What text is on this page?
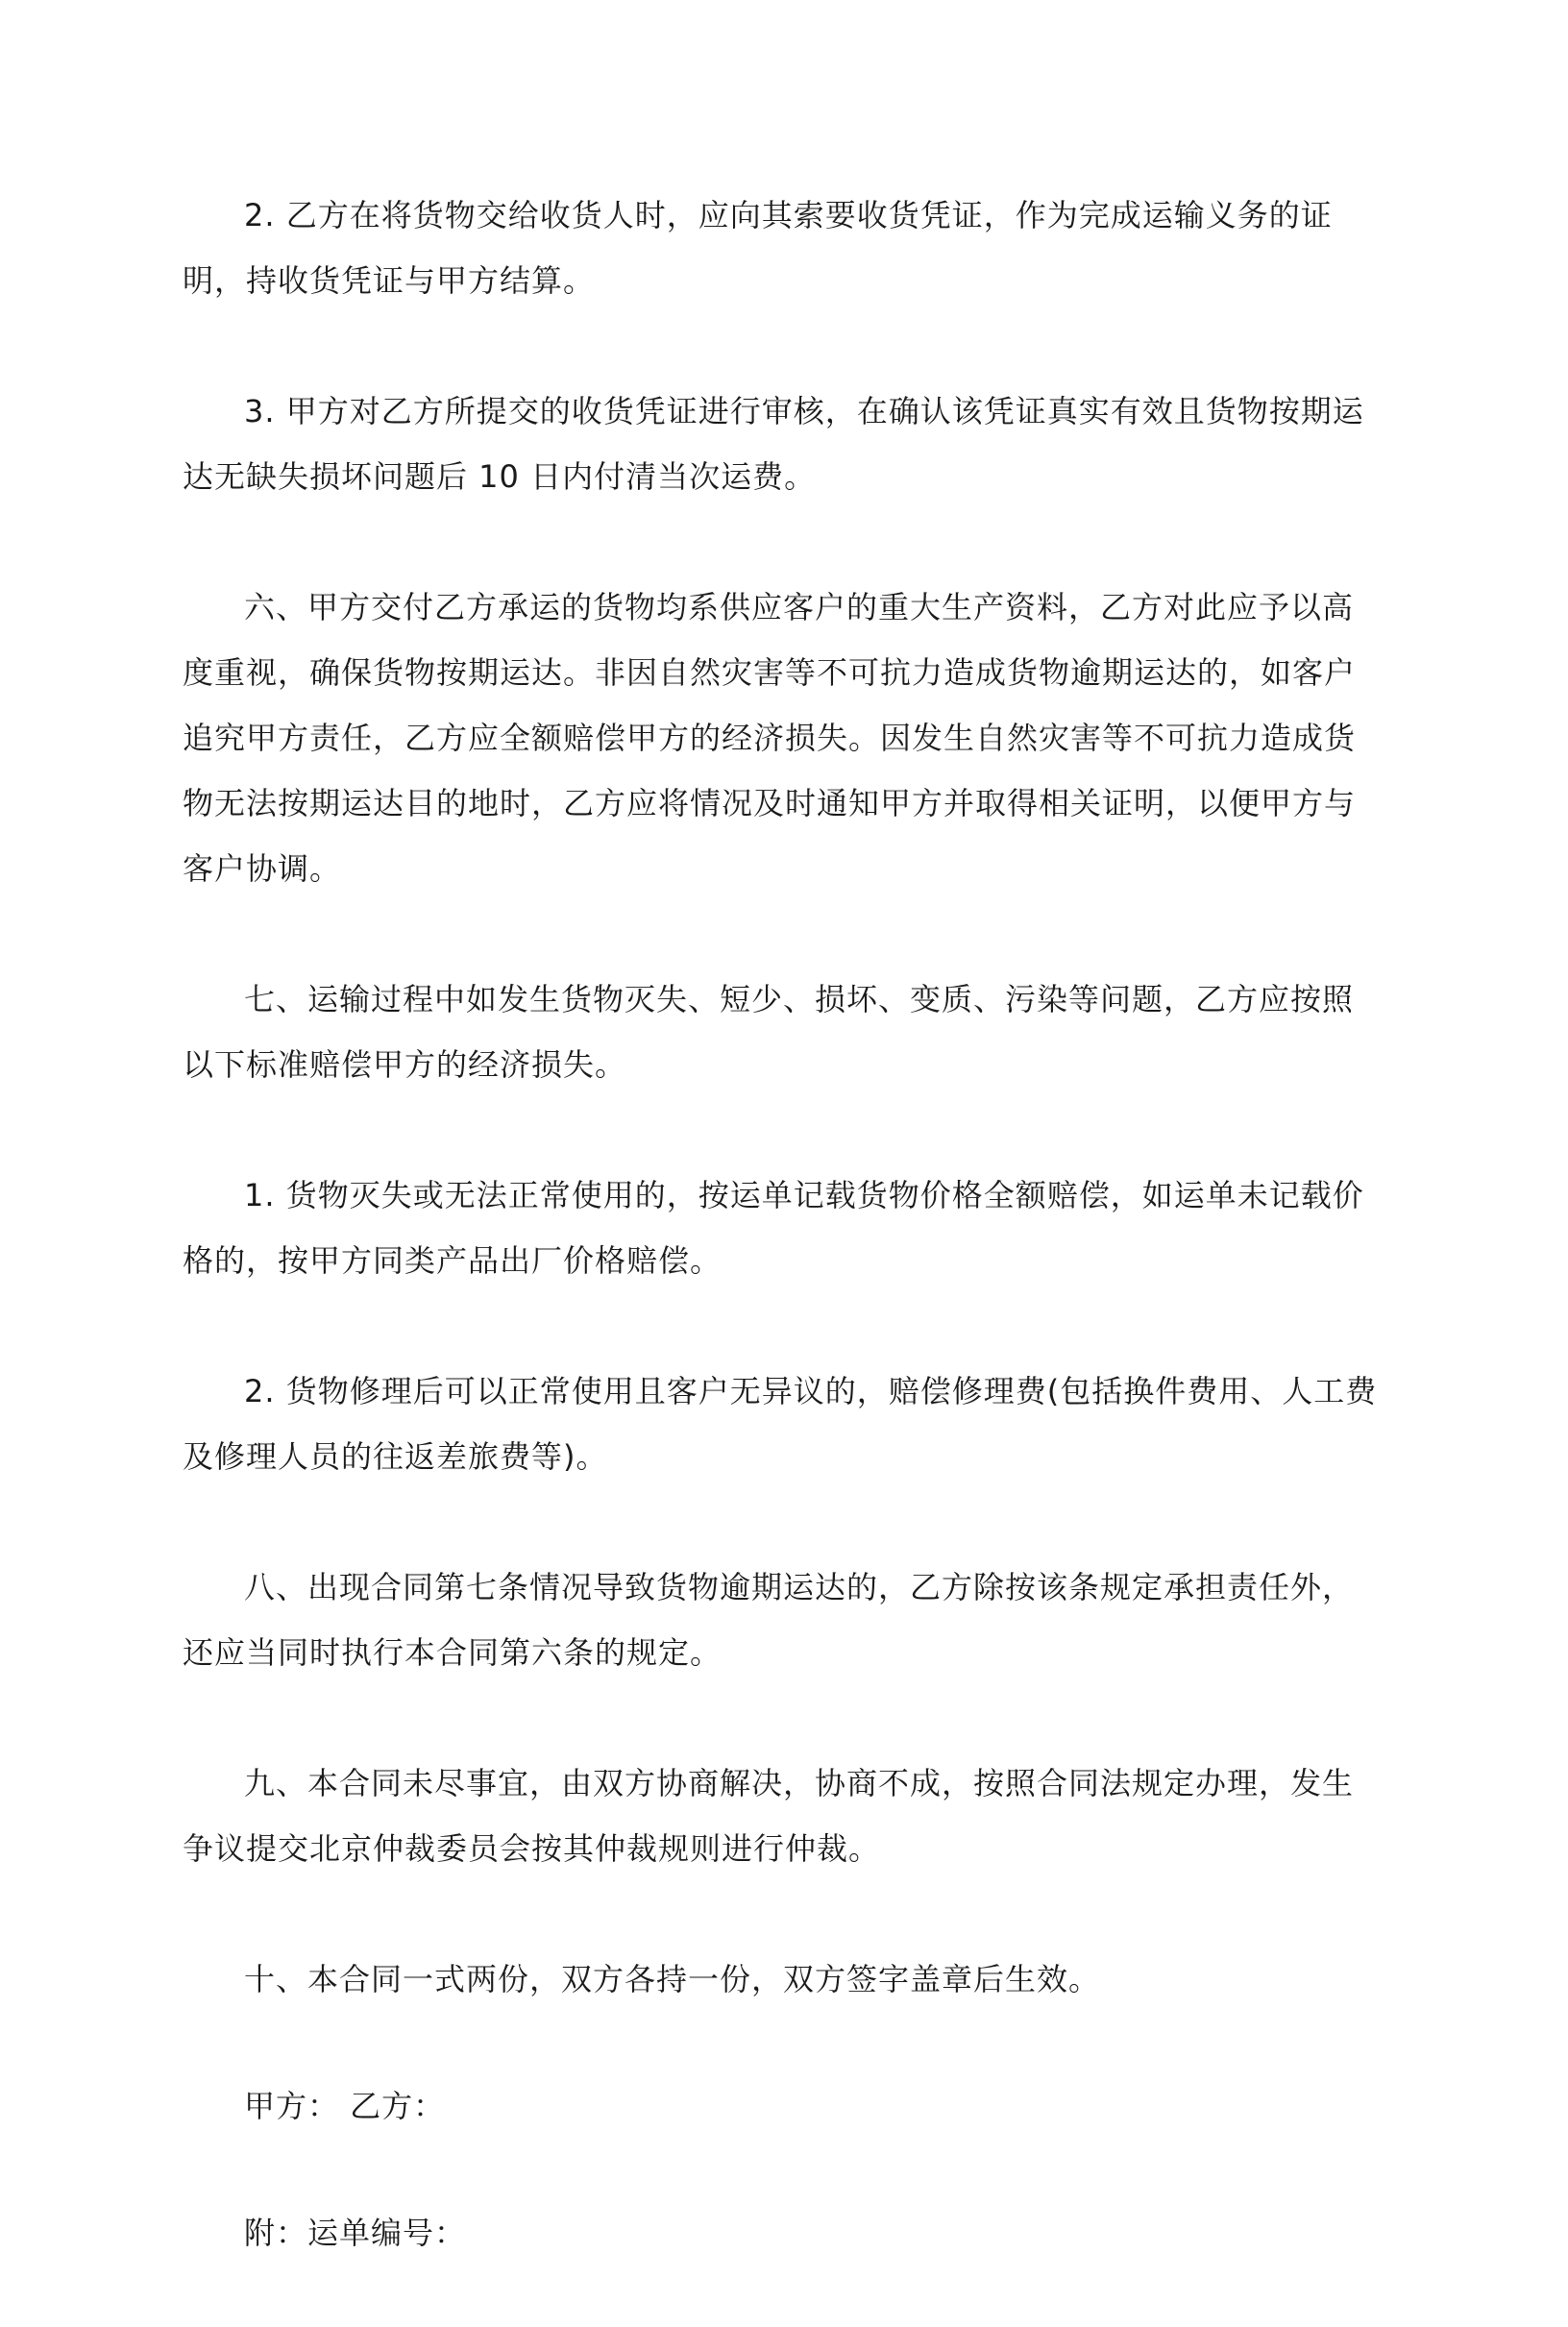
2. 乙方在将货物交给收货人时，应向其索要收货凭证，作为完成运输义务的证明，持收货凭证与甲方结算。

3. 甲方对乙方所提交的收货凭证进行审核，在确认该凭证真实有效且货物按期运达无缺失损坏问题后 10 日内付清当次运费。

六、甲方交付乙方承运的货物均系供应客户的重大生产资料，乙方对此应予以高度重视，确保货物按期运达。非因自然灾害等不可抗力造成货物逾期运达的，如客户追究甲方责任，乙方应全额赔偿甲方的经济损失。因发生自然灾害等不可抗力造成货物无法按期运达目的地时，乙方应将情况及时通知甲方并取得相关证明，以便甲方与客户协调。

七、运输过程中如发生货物灭失、短少、损坏、变质、污染等问题，乙方应按照以下标准赔偿甲方的经济损失。

1. 货物灭失或无法正常使用的，按运单记载货物价格全额赔偿，如运单未记载价格的，按甲方同类产品出厂价格赔偿。

2. 货物修理后可以正常使用且客户无异议的，赔偿修理费(包括换件费用、人工费及修理人员的往返差旅费等)。

八、出现合同第七条情况导致货物逾期运达的，乙方除按该条规定承担责任外，还应当同时执行本合同第六条的规定。

九、本合同未尽事宜，由双方协商解决，协商不成，按照合同法规定办理，发生争议提交北京仲裁委员会按其仲裁规则进行仲裁。

十、本合同一式两份，双方各持一份，双方签字盖章后生效。

甲方： 乙方：

附：运单编号：
